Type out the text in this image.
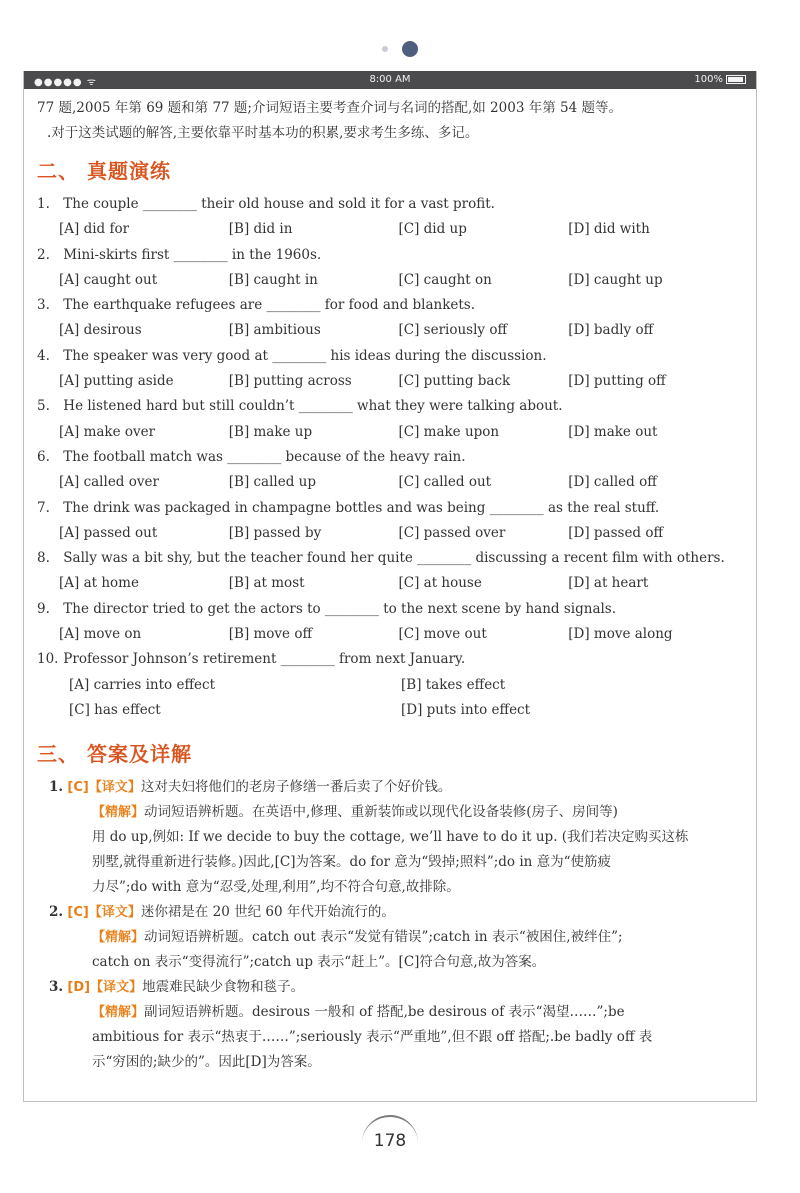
●●●●● ᯤ	8:00 AM	100%

77 题,2005 年第 69 题和第 77 题;介词短语主要考查介词与名词的搭配,如 2003 年第 54 题等。

.对于这类试题的解答,主要依靠平时基本功的积累,要求考生多练、多记。

二、 真题演练
1. The couple ________ their old house and sold it for a vast profit.
[A] did for	[B] did in	[C] did up	[D] did with
2. Mini-skirts first ________ in the 1960s.
[A] caught out	[B] caught in	[C] caught on	[D] caught up
3. The earthquake refugees are ________ for food and blankets.
[A] desirous	[B] ambitious	[C] seriously off	[D] badly off
4. The speaker was very good at ________ his ideas during the discussion.
[A] putting aside	[B] putting across	[C] putting back	[D] putting off
5. He listened hard but still couldn’t ________ what they were talking about.
[A] make over	[B] make up	[C] make upon	[D] make out
6. The football match was ________ because of the heavy rain.
[A] called over	[B] called up	[C] called out	[D] called off
7. The drink was packaged in champagne bottles and was being ________ as the real stuff.
[A] passed out	[B] passed by	[C] passed over	[D] passed off
8. Sally was a bit shy, but the teacher found her quite ________ discussing a recent film with others.
[A] at home	[B] at most	[C] at house	[D] at heart
9. The director tried to get the actors to ________ to the next scene by hand signals.
[A] move on	[B] move off	[C] move out	[D] move along
10. Professor Johnson’s retirement ________ from next January.
[A] carries into effect	[B] takes effect
[C] has effect	[D] puts into effect
三、 答案及详解
1. [C]【译文】这对夫妇将他们的老房子修缮一番后卖了个好价钱。
【精解】动词短语辨析题。在英语中,修理、重新装饰或以现代化设备装修(房子、房间等)
用 do up,例如: If we decide to buy the cottage, we’ll have to do it up. (我们若决定购买这栋
别墅,就得重新进行装修。)因此,[C]为答案。do for 意为“毁掉;照料”;do in 意为“使筋疲
力尽”;do with 意为“忍受,处理,利用”,均不符合句意,故排除。
2. [C]【译文】迷你裙是在 20 世纪 60 年代开始流行的。
【精解】动词短语辨析题。catch out 表示“发觉有错误”;catch in 表示“被困住,被绊住”;
catch on 表示“变得流行”;catch up 表示“赶上”。[C]符合句意,故为答案。
3. [D]【译文】地震难民缺少食物和毯子。
【精解】副词短语辨析题。desirous 一般和 of 搭配,be desirous of 表示“渴望……”;be
ambitious for 表示“热衷于……”;seriously 表示“严重地”,但不跟 off 搭配;.be badly off 表
示“穷困的;缺少的”。因此[D]为答案。
178
